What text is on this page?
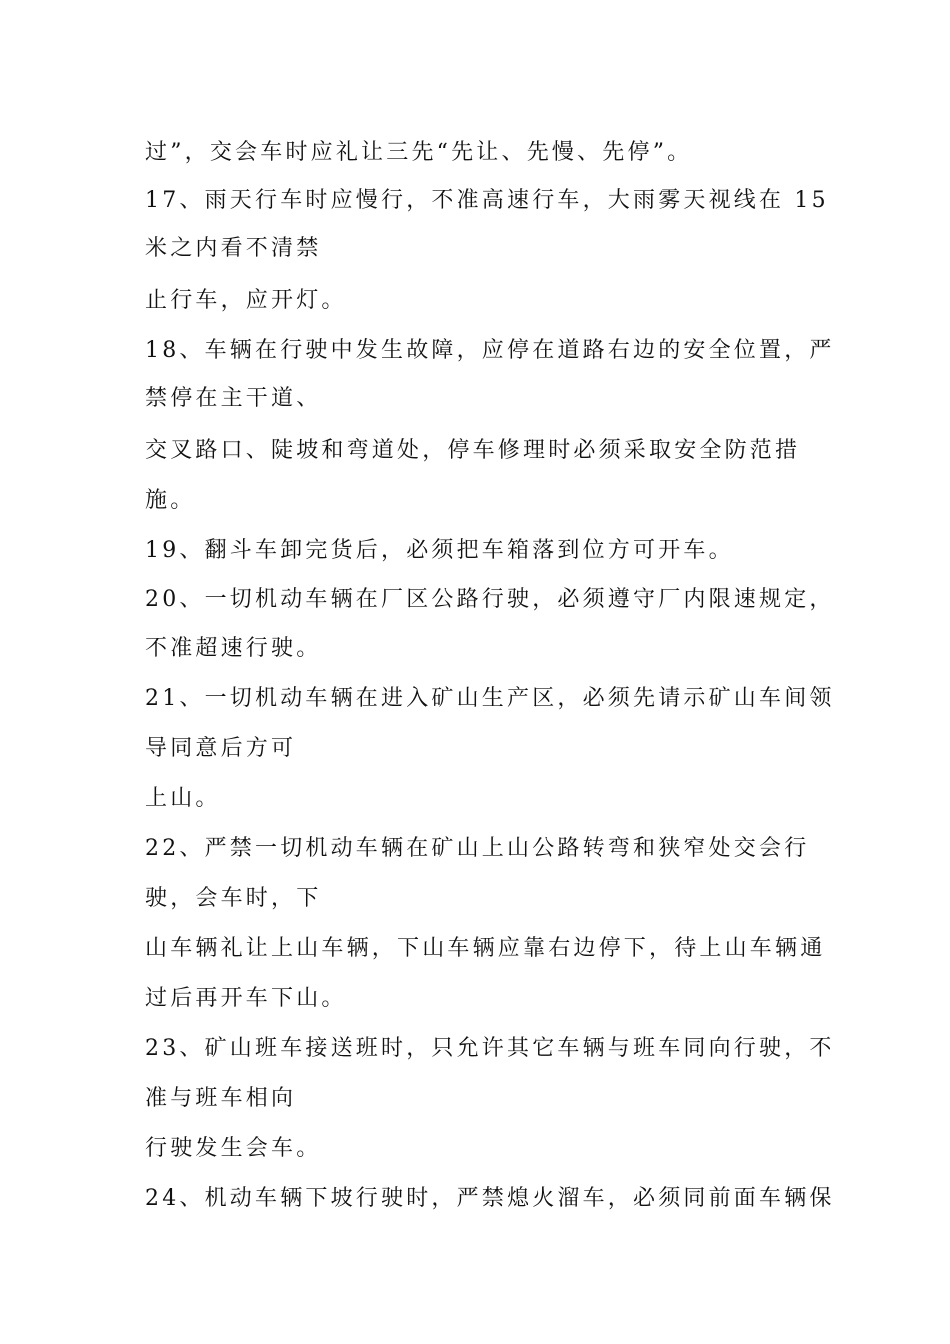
过”，交会车时应礼让三先“先让、先慢、先停”。
17、雨天行车时应慢行，不准高速行车，大雨雾天视线在 15
米之内看不清禁
止行车，应开灯。
18、车辆在行驶中发生故障，应停在道路右边的安全位置，严
禁停在主干道、
交叉路口、陡坡和弯道处，停车修理时必须采取安全防范措
施。
19、翻斗车卸完货后，必须把车箱落到位方可开车。
20、一切机动车辆在厂区公路行驶，必须遵守厂内限速规定，
不准超速行驶。
21、一切机动车辆在进入矿山生产区，必须先请示矿山车间领
导同意后方可
上山。
22、严禁一切机动车辆在矿山上山公路转弯和狭窄处交会行
驶，会车时，下
山车辆礼让上山车辆，下山车辆应靠右边停下，待上山车辆通
过后再开车下山。
23、矿山班车接送班时，只允许其它车辆与班车同向行驶，不
准与班车相向
行驶发生会车。
24、机动车辆下坡行驶时，严禁熄火溜车，必须同前面车辆保
